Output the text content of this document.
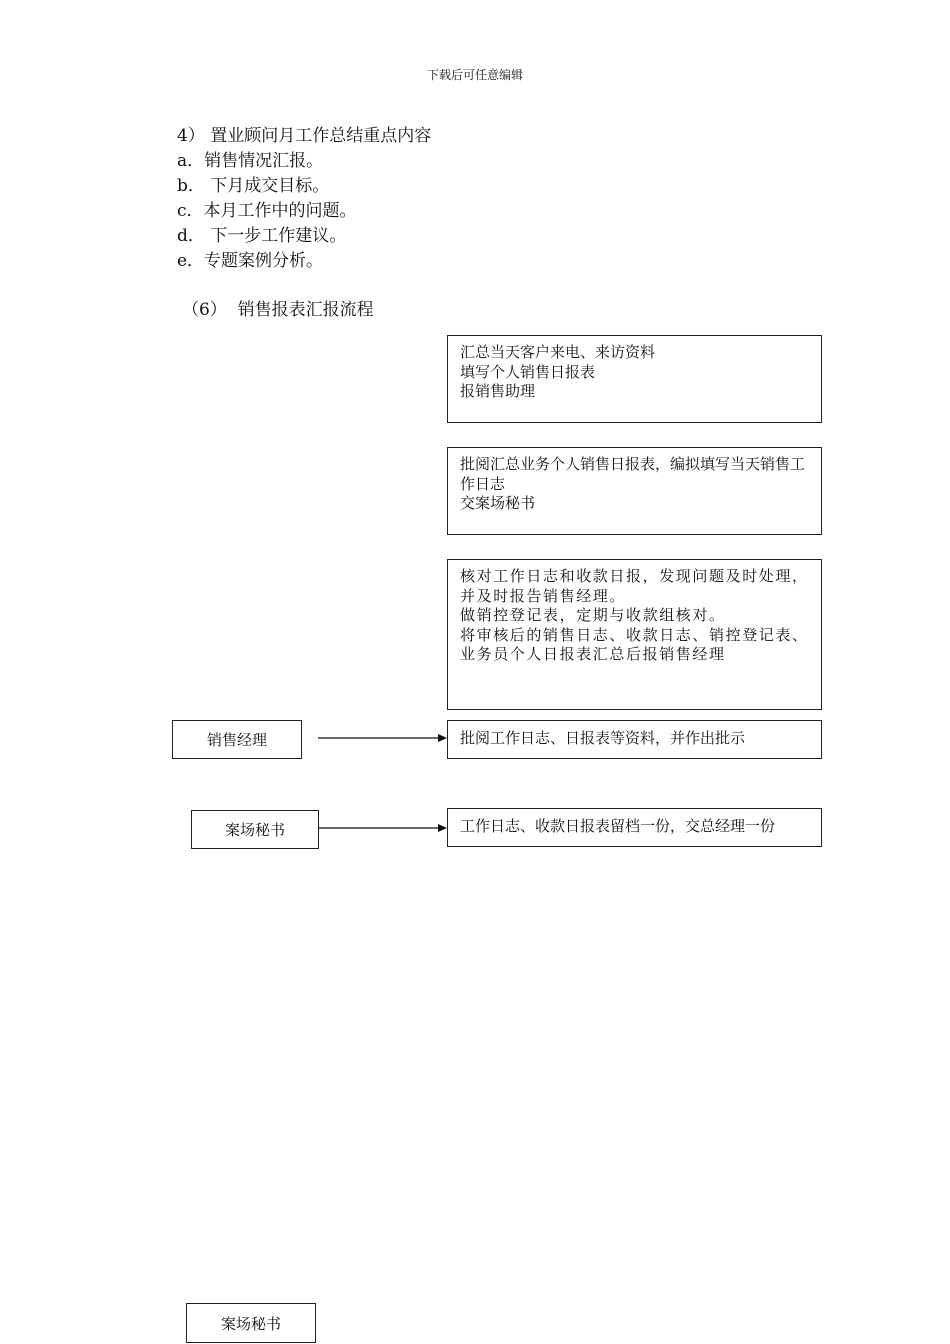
下载后可任意编辑
4） 置业顾问月工作总结重点内容
a．销售情况汇报。
b． 下月成交目标。
c．本月工作中的问题。
d． 下一步工作建议。
e．专题案例分析。
（6）  销售报表汇报流程
汇总当天客户来电、来访资料
填写个人销售日报表
报销售助理
批阅汇总业务个人销售日报表，编拟填写当天销售工作日志
交案场秘书
核对工作日志和收款日报，发现问题及时处理，并及时报告销售经理。
做销控登记表，定期与收款组核对。
将审核后的销售日志、收款日志、销控登记表、业务员个人日报表汇总后报销售经理
批阅工作日志、日报表等资料，并作出批示
工作日志、收款日报表留档一份，交总经理一份
销售经理
案场秘书
案场秘书
